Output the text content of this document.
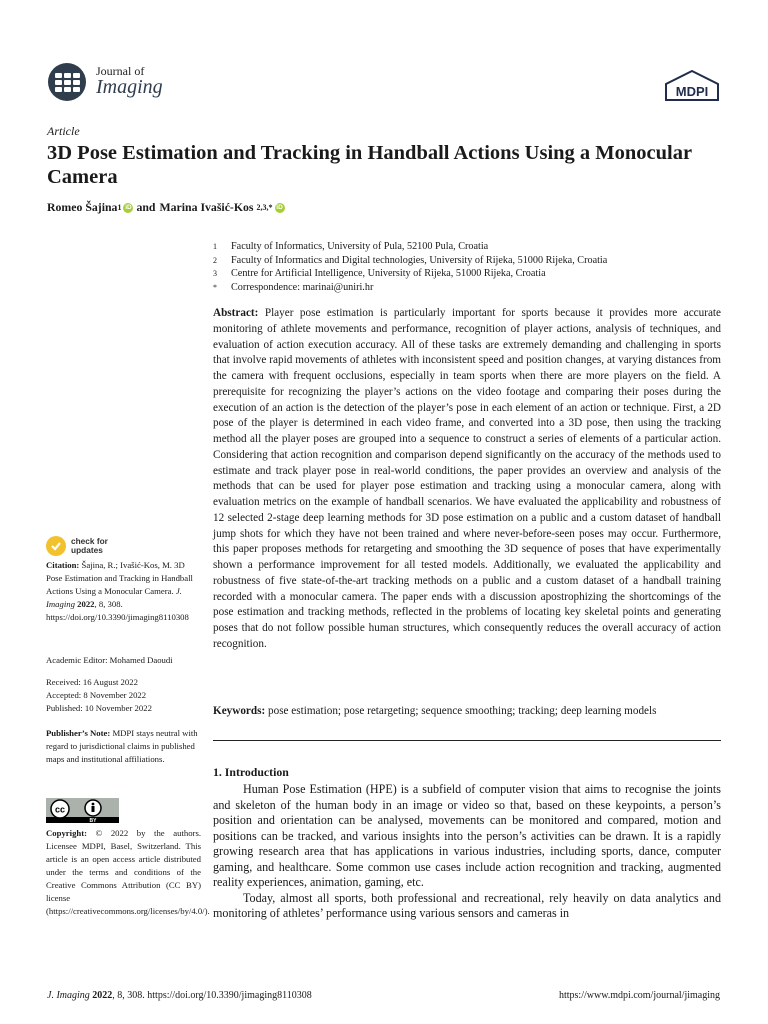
Journal of
Imaging	MDPI
Article
3D Pose Estimation and Tracking in Handball Actions Using a Monocular Camera
Romeo Šajina 1 iD and Marina Ivašić-Kos 2,3,* iD
1	Faculty of Informatics, University of Pula, 52100 Pula, Croatia
2	Faculty of Informatics and Digital technologies, University of Rijeka, 51000 Rijeka, Croatia
3	Centre for Artificial Intelligence, University of Rijeka, 51000 Rijeka, Croatia
*	Correspondence: marinai@uniri.hr
Abstract: Player pose estimation is particularly important for sports because it provides more accurate monitoring of athlete movements and performance, recognition of player actions, analysis of techniques, and evaluation of action execution accuracy. All of these tasks are extremely demanding and challenging in sports that involve rapid movements of athletes with inconsistent speed and position changes, at varying distances from the camera with frequent occlusions, especially in team sports when there are more players on the field. A prerequisite for recognizing the player’s actions on the video footage and comparing their poses during the execution of an action is the detection of the player’s pose in each element of an action or technique. First, a 2D pose of the player is determined in each video frame, and converted into a 3D pose, then using the tracking method all the player poses are grouped into a sequence to construct a series of elements of a particular action. Considering that action recognition and comparison depend significantly on the accuracy of the methods used to estimate and track player pose in real-world conditions, the paper provides an overview and analysis of the methods that can be used for player pose estimation and tracking using a monocular camera, along with evaluation metrics on the example of handball scenarios. We have evaluated the applicability and robustness of 12 selected 2-stage deep learning methods for 3D pose estimation on a public and a custom dataset of handball jump shots for which they have not been trained and where never-before-seen poses may occur. Furthermore, this paper proposes methods for retargeting and smoothing the 3D sequence of poses that have experimentally shown a performance improvement for all tested models. Additionally, we evaluated the applicability and robustness of five state-of-the-art tracking methods on a public and a custom dataset of a handball training recorded with a monocular camera. The paper ends with a discussion apostrophizing the shortcomings of the pose estimation and tracking methods, reflected in the problems of locating key skeletal points and generating poses that do not follow possible human structures, which consequently reduces the overall accuracy of action recognition.
Keywords: pose estimation; pose retargeting; sequence smoothing; tracking; deep learning models
1. Introduction

Human Pose Estimation (HPE) is a subfield of computer vision that aims to recognise the joints and skeleton of the human body in an image or video so that, based on these keypoints, a person’s position and orientation can be analysed, movements can be monitored and compared, motion and positions can be tracked, and various insights into the person’s activities can be drawn. It is a rapidly growing research area that has applications in various industries, including sports, dance, computer gaming, and healthcare. Some common use cases include action recognition and tracking, augmented reality experiences, animation, gaming, etc.

Today, almost all sports, both professional and recreational, rely heavily on data analytics and monitoring of athletes’ performance using various sensors and cameras in

check for
updates
Citation: Šajina, R.; Ivašić-Kos, M. 3D Pose Estimation and Tracking in Handball Actions Using a Monocular Camera. J. Imaging 2022, 8, 308. https://doi.org/10.3390/jimaging8110308
Academic Editor: Mohamed Daoudi
Received: 16 August 2022
Accepted: 8 November 2022
Published: 10 November 2022
Publisher’s Note: MDPI stays neutral with regard to jurisdictional claims in published maps and institutional affiliations.
cc
BY
Copyright: © 2022 by the authors. Licensee MDPI, Basel, Switzerland. This article is an open access article distributed under the terms and conditions of the Creative Commons Attribution (CC BY) license (https://creativecommons.org/licenses/by/4.0/).
J. Imaging 2022, 8, 308. https://doi.org/10.3390/jimaging8110308	https://www.mdpi.com/journal/jimaging
